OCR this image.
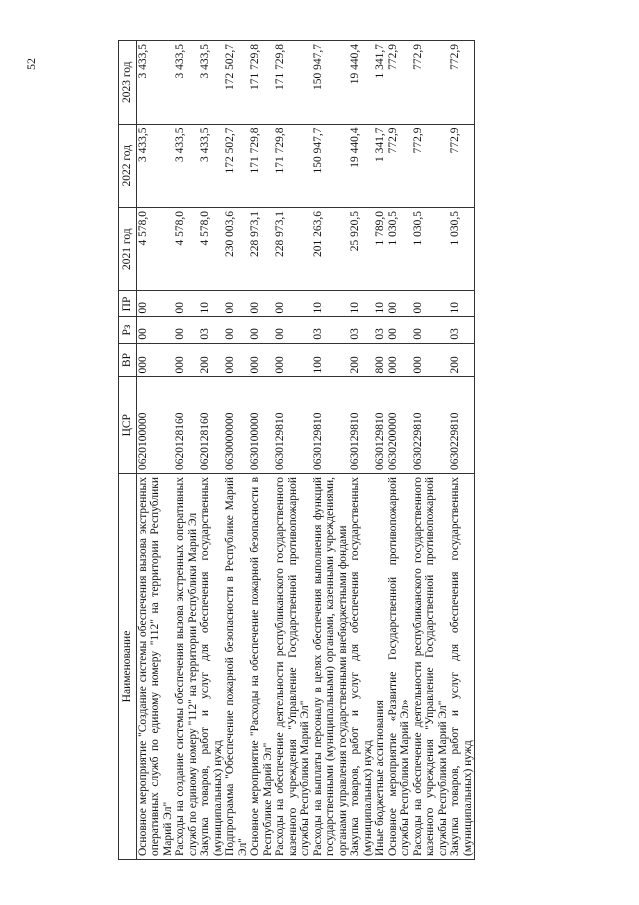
52
Наименование	ЦСР	ВР	Рз	ПР	2021 год	2022 год	2023 год
Основное мероприятие "Создание системы обеспечения вызова экстренных оперативных служб по единому номеру "112" на территории Республики Марий Эл"	0620100000	000	00	00	4 578,0	3 433,5	3 433,5
Расходы на создание системы обеспечения вызова экстренных оперативных служб по единому номеру "112" на территории Республики Марий Эл	0620128160	000	00	00	4 578,0	3 433,5	3 433,5
Закупка товаров, работ и услуг для обеспечения государственных (муниципальных) нужд	0620128160	200	03	10	4 578,0	3 433,5	3 433,5
Подпрограмма "Обеспечение пожарной безопасности в Республике Марий Эл"	0630000000	000	00	00	230 003,6	172 502,7	172 502,7
Основное мероприятие "Расходы на обеспечение пожарной безопасности в Республике Марий Эл"	0630100000	000	00	00	228 973,1	171 729,8	171 729,8
Расходы на обеспечение деятельности республиканского государственного казенного учреждения "Управление Государственной противопожарной службы Республики Марий Эл"	0630129810	000	00	00	228 973,1	171 729,8	171 729,8
Расходы на выплаты персоналу в целях обеспечения выполнения функций государственными (муниципальными) органами, казенными учреждениями, органами управления государственными внебюджетными фондами	0630129810	100	03	10	201 263,6	150 947,7	150 947,7
Закупка товаров, работ и услуг для обеспечения государственных (муниципальных) нужд	0630129810	200	03	10	25 920,5	19 440,4	19 440,4
Иные бюджетные ассигнования	0630129810	800	03	10	1 789,0	1 341,7	1 341,7
Основное мероприятие «Развитие Государственной противопожарной службы Республики Марий Эл»	0630200000	000	00	00	1 030,5	772,9	772,9
Расходы на обеспечение деятельности республиканского государственного казенного учреждения "Управление Государственной противопожарной службы Республики Марий Эл"	0630229810	000	00	00	1 030,5	772,9	772,9
Закупка товаров, работ и услуг для обеспечения государственных (муниципальных) нужд	0630229810	200	03	10	1 030,5	772,9	772,9
